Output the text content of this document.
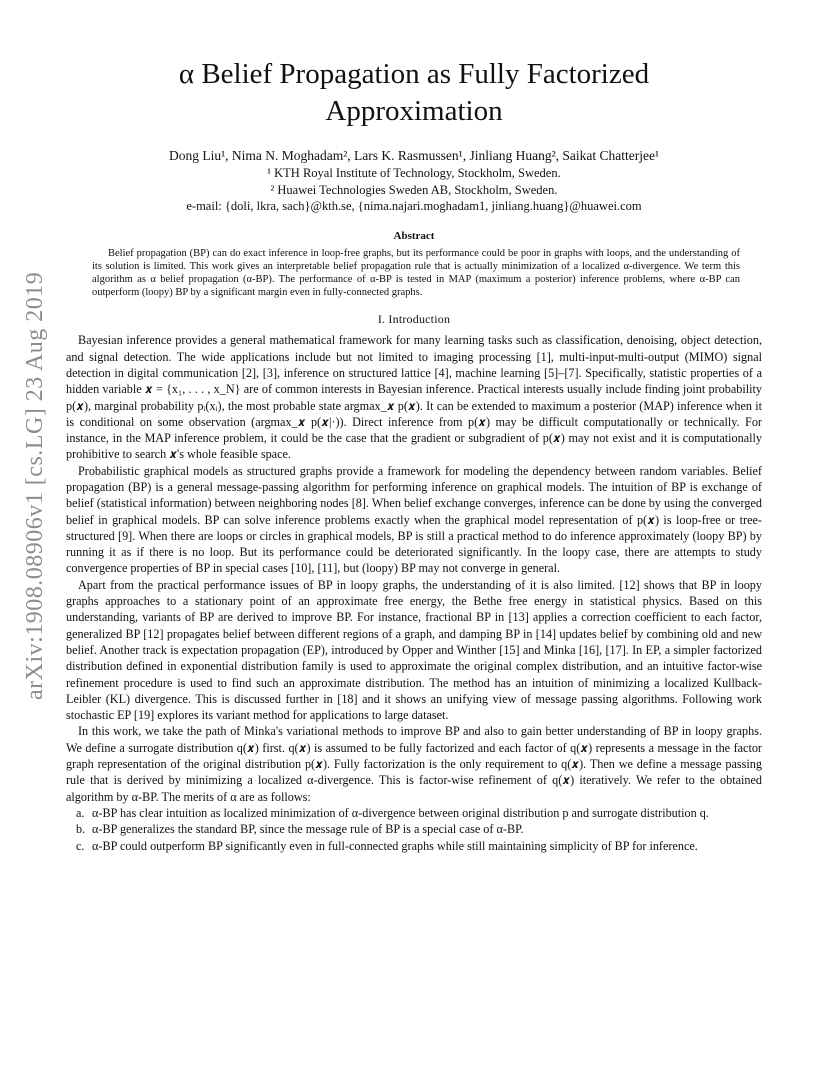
arXiv:1908.08906v1 [cs.LG] 23 Aug 2019
α Belief Propagation as Fully Factorized Approximation
Dong Liu¹, Nima N. Moghadam², Lars K. Rasmussen¹, Jinliang Huang², Saikat Chatterjee¹
¹ KTH Royal Institute of Technology, Stockholm, Sweden.
² Huawei Technologies Sweden AB, Stockholm, Sweden.
e-mail: {doli, lkra, sach}@kth.se, {nima.najari.moghadam1, jinliang.huang}@huawei.com
Abstract

Belief propagation (BP) can do exact inference in loop-free graphs, but its performance could be poor in graphs with loops, and the understanding of its solution is limited. This work gives an interpretable belief propagation rule that is actually minimization of a localized α-divergence. We term this algorithm as α belief propagation (α-BP). The performance of α-BP is tested in MAP (maximum a posterior) inference problems, where α-BP can outperform (loopy) BP by a significant margin even in fully-connected graphs.

I. Introduction

Bayesian inference provides a general mathematical framework for many learning tasks such as classification, denoising, object detection, and signal detection. The wide applications include but not limited to imaging processing [1], multi-input-multi-output (MIMO) signal detection in digital communication [2], [3], inference on structured lattice [4], machine learning [5]–[7]. Specifically, statistic properties of a hidden variable 𝒙 = {x₁, . . . , x_N} are of common interests in Bayesian inference. Practical interests usually include finding joint probability p(𝒙), marginal probability pᵢ(xᵢ), the most probable state argmax_𝒙 p(𝒙). It can be extended to maximum a posterior (MAP) inference when it is conditional on some observation (argmax_𝒙 p(𝒙|·)). Direct inference from p(𝒙) may be difficult computationally or technically. For instance, in the MAP inference problem, it could be the case that the gradient or subgradient of p(𝒙) may not exist and it is computationally prohibitive to search 𝒙's whole feasible space.

Probabilistic graphical models as structured graphs provide a framework for modeling the dependency between random variables. Belief propagation (BP) is a general message-passing algorithm for performing inference on graphical models. The intuition of BP is exchange of belief (statistical information) between neighboring nodes [8]. When belief exchange converges, inference can be done by using the converged belief in graphical models. BP can solve inference problems exactly when the graphical model representation of p(𝒙) is loop-free or tree-structured [9]. When there are loops or circles in graphical models, BP is still a practical method to do inference approximately (loopy BP) by running it as if there is no loop. But its performance could be deteriorated significantly. In the loopy case, there are attempts to study convergence properties of BP in special cases [10], [11], but (loopy) BP may not converge in general.

Apart from the practical performance issues of BP in loopy graphs, the understanding of it is also limited. [12] shows that BP in loopy graphs approaches to a stationary point of an approximate free energy, the Bethe free energy in statistical physics. Based on this understanding, variants of BP are derived to improve BP. For instance, fractional BP in [13] applies a correction coefficient to each factor, generalized BP [12] propagates belief between different regions of a graph, and damping BP in [14] updates belief by combining old and new belief. Another track is expectation propagation (EP), introduced by Opper and Winther [15] and Minka [16], [17]. In EP, a simpler factorized distribution defined in exponential distribution family is used to approximate the original complex distribution, and an intuitive factor-wise refinement procedure is used to find such an approximate distribution. The method has an intuition of minimizing a localized Kullback-Leibler (KL) divergence. This is discussed further in [18] and it shows an unifying view of message passing algorithms. Following work stochastic EP [19] explores its variant method for applications to large dataset.

In this work, we take the path of Minka's variational methods to improve BP and also to gain better understanding of BP in loopy graphs. We define a surrogate distribution q(𝒙) first. q(𝒙) is assumed to be fully factorized and each factor of q(𝒙) represents a message in the factor graph representation of the original distribution p(𝒙). Fully factorization is the only requirement to q(𝒙). Then we define a message passing rule that is derived by minimizing a localized α-divergence. This is factor-wise refinement of q(𝒙) iteratively. We refer to the obtained algorithm by α-BP. The merits of α are as follows:

a. α-BP has clear intuition as localized minimization of α-divergence between original distribution p and surrogate distribution q.
b. α-BP generalizes the standard BP, since the message rule of BP is a special case of α-BP.
c. α-BP could outperform BP significantly even in full-connected graphs while still maintaining simplicity of BP for inference.
